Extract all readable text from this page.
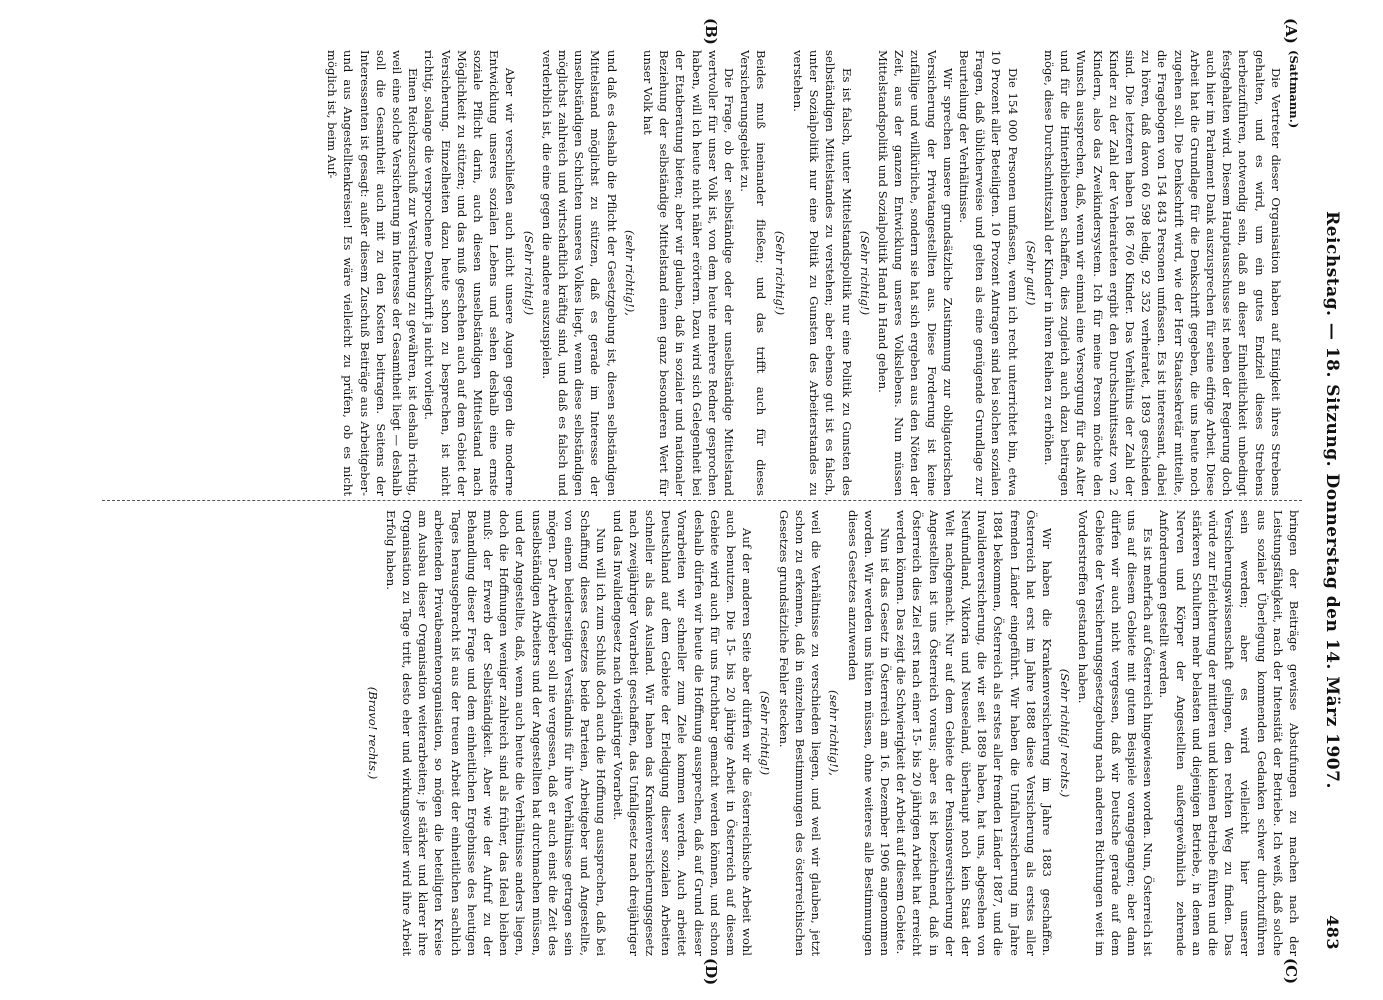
Reichstag. — 18. Sitzung. Donnerstag den 14. März 1907.
483
(A)
(B)
(C)
(D)
(Sattmann.)

Die Vertreter dieser Organisation haben auf Einigkeit ihres Strebens gehalten, und es wird, um ein gutes Endziel dieses Strebens herbeizuführen, notwendig sein, daß an dieser Einheitlichkeit unbedingt festgehalten wird. Diesem Hauptausschusse ist neben der Regierung doch auch hier im Parlament Dank auszusprechen für seine eifrige Arbeit. Diese Arbeit hat die Grundlage für die Denkschrift gegeben, die uns heute noch zugehen soll. Die Denkschrift wird, wie der Herr Staatssekretär mitteilte, die Fragebogen von 154 843 Personen umfassen. Es ist interessant, dabei zu hören, daß davon 60 598 ledig, 92 352 verheiratet, 1893 geschieden sind. Die letzteren haben 186 760 Kinder. Das Verhältnis der Zahl der Kinder zu der Zahl der Verheirateten ergibt den Durchschnittssatz von 2 Kindern, also das Zweikindersystem. Ich für meine Person möchte den Wunsch aussprechen, daß, wenn wir einmal eine Versorgung für das Alter und für die Hinterbliebenen schaffen, dies zugleich auch dazu beitragen möge, diese Durchschnittszahl der Kinder in ihren Reihen zu erhöhen.

(Sehr gut!)

Die 154 000 Personen umfassen, wenn ich recht unterrichtet bin, etwa 10 Prozent aller Beteiligten. 10 Prozent Antragen sind bei solchen sozialen Fragen, daß üblicherweise und gelten als eine genügende Grundlage zur Beurteilung der Verhältnisse.

Wir sprechen unsere grundsätzliche Zustimmung zur obligatorischen Versicherung der Privatangestellten aus. Diese Forderung ist keine zufällige und willkürliche, sondern sie hat sich ergeben aus den Nöten der Zeit, aus der ganzen Entwicklung unseres Volkslebens. Nun müssen Mittelstandspolitik und Sozialpolitik Hand in Hand gehen.

(Sehr richtig!)

Es ist falsch, unter Mittelstandspolitik nur eine Politik zu Gunsten des selbständigen Mittelstandes zu verstehen; aber ebenso gut ist es falsch, unter Sozialpolitik nur eine Politik zu Gunsten des Arbeiterstandes zu verstehen.

(Sehr richtig!)

Beides muß ineinander fließen; und das trifft auch für dieses Versicherungsgebiet zu.

Die Frage, ob der selbständige oder der unselbständige Mittelstand wertvoller für unser Volk ist, von dem heute mehrere Redner gesprochen haben, will ich heute nicht näher erörtern. Dazu wird sich Gelegenheit bei der Etatberatung bieten; aber wir glauben, daß in sozialer und nationaler Beziehung der selbständige Mittelstand einen ganz besonderen Wert für unser Volk hat

(sehr richtig!),

und daß es deshalb die Pflicht der Gesetzgebung ist, diesen selbständigen Mittelstand möglichst zu stützen, daß es gerade im Interesse der unselbständigen Schichten unseres Volkes liegt, wenn diese selbständigen möglichst zahlreich und wirtschaftlich kräftig sind, und daß es falsch und verderblich ist, die eine gegen die andere auszuspielen.

(Sehr richtig!)

Aber wir verschließen auch nicht unsere Augen gegen die moderne Entwicklung unseres sozialen Lebens und sehen deshalb eine ernste soziale Pflicht darin, auch diesen unselbständigen Mittelstand nach Möglichkeit zu stützen; und das muß geschehen auch auf dem Gebiet der Versicherung. Einzelheiten dazu heute schon zu besprechen, ist nicht richtig, solange die versprochene Denkschrift ja nicht vorliegt.

Einen Reichszuschuß zur Versicherung zu gewähren, ist deshalb richtig, weil eine solche Versicherung im Interesse der Gesamtheit liegt — deshalb soll die Gesamtheit auch mit zu den Kosten beitragen. Seitens der Interessenten ist gesagt: außer diesem Zuschuß Beiträge aus Arbeitgeber- und aus Angestelltenkreisen! Es wäre vielleicht zu prüfen, ob es nicht möglich ist, beim Auf-

bringen der Beiträge gewisse Abstufungen zu machen nach der Leistungsfähigkeit, nach der Intensität der Betriebe. Ich weiß, daß solche aus sozialer Überlegung kommenden Gedanken schwer durchzuführen sein werden; aber es wird vielleicht hier unserer Versicherungswissenschaft gelingen, den rechten Weg zu finden. Das würde zur Erleichterung der mittleren und kleinen Betriebe führen und die stärkeren Schultern mehr belasten und diejenigen Betriebe, in denen an Nerven und Körper der Angestellten außergewöhnlich zehrende Anforderungen gestellt werden.

Es ist mehrfach auf Österreich hingewiesen worden. Nun, Österreich ist uns auf diesem Gebiete mit gutem Beispiele vorangegangen; aber dann dürfen wir auch nicht vergessen, daß wir Deutsche gerade auf dem Gebiete der Versicherungsgesetzgebung nach anderen Richtungen weit im Vorderstreffen gestanden haben.

(Sehr richtig! rechts.)

Wir haben die Krankenversicherung im Jahre 1883 geschaffen. Österreich hat erst im Jahre 1888 diese Versicherung als erstes aller fremden Länder eingeführt. Wir haben die Unfallversicherung im Jahre 1884 bekommen, Österreich als erstes aller fremden Länder 1887, und die Invalidenversicherung, die wir seit 1889 haben, hat uns, abgesehen von Neufundland, Viktoria und Neuseeland, überhaupt noch kein Staat der Welt nachgemacht. Nur auf dem Gebiete der Pensionsversicherung der Angestellten ist uns Österreich voraus; aber es ist bezeichnend, daß in Österreich dies Ziel erst nach einer 15- bis 20 jährigen Arbeit hat erreicht werden können. Das zeigt die Schwierigkeit der Arbeit auf diesem Gebiete.

Nun ist das Gesetz in Österreich am 16. Dezember 1906 angenommen worden. Wir werden uns hüten müssen, ohne weiteres alle Bestimmungen dieses Gesetzes anzuwenden

(sehr richtig!),

weil die Verhältnisse zu verschieden liegen, und weil wir glauben, jetzt schon zu erkennen, daß in einzelnen Bestimmungen des österreichischen Gesetzes grundsätzliche Fehler stecken.

(Sehr richtig!)

Auf der anderen Seite aber dürfen wir die österreichische Arbeit wohl auch benutzen. Die 15- bis 20 jährige Arbeit in Österreich auf diesem Gebiete wird auch für uns fruchtbar gemacht werden können, und schon deshalb dürfen wir heute die Hoffnung aussprechen, daß auf Grund dieser Vorarbeiten wir schneller zum Ziele kommen werden. Auch arbeitet Deutschland auf dem Gebiete der Erledigung dieser sozialen Arbeiten schneller als das Ausland. Wir haben das Krankenversicherungsgesetz nach zweijähriger Vorarbeit geschaffen, das Unfallgesetz nach dreijähriger und das Invalidengesetz nach vierjähriger Vorarbeit.

Nun will ich zum Schluß doch auch die Hoffnung aussprechen, daß bei Schaffung dieses Gesetzes beide Parteien, Arbeitgeber und Angestellte, von einem beiderseitigen Verständnis für ihre Verhältnisse getragen sein mögen. Der Arbeitgeber soll nie vergessen, daß er auch einst die Zeit des unselbständigen Arbeiters und der Angestellten hat durchmachen müssen, und der Angestellte, daß, wenn auch heute die Verhältnisse anders liegen, doch die Hoffnungen weniger zahlreich sind als früher, das Ideal bleiben muß: der Erwerb der Selbständigkeit. Aber wie der Aufruf zu der Behandlung dieser Frage und dem einheitlichen Ergebnisse des heutigen Tages herausgebracht ist aus der treuen Arbeit der einheitlichen sachlich arbeitenden Privatbeamtenorganisation, so mögen die beteiligten Kreise am Ausbau dieser Organisation weiterarbeiten; je stärker und klarer ihre Organisation zu Tage tritt, desto eher und wirkungsvoller wird ihre Arbeit Erfolg haben.

(Bravo! rechts.)
